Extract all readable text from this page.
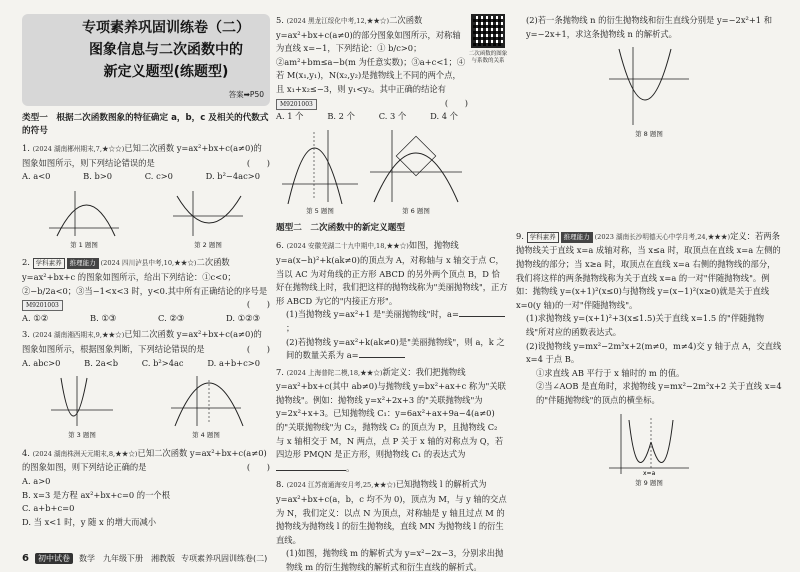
专项素养巩固训练卷（二）
图象信息与二次函数中的
新定义题型(练题型)
答案➡P50
类型一　根据二次函数图象的特征确定 a，b，c 及相关的代数式的符号
1. (2024 湖南郴州期末,7,★☆☆)已知二次函数 y=ax²+bx+c(a≠0)的图象如图所示，则下列结论错误的是	(　　)
A. a<0	B. b>0	C. c>0	D. b²−4ac>0
第 1 题图	第 2 题图
2. 学科素养 推理能力 (2024 四川泸县中考,10,★★☆)二次函数 y=ax²+bx+c 的图象如图所示，给出下列结论：①c<0；②−b/2a<0；③当−1<x<3 时，y<0.其中所有正确结论的序号是
M9201003	(　　)
A. ①②	B. ①③	C. ②③	D. ①②③
3. (2024 湖南湘西期末,9,★★☆)已知二次函数 y=ax²+bx+c(a≠0)的图象如图所示，根据图象判断，下列结论错误的是	(　　)
A. abc>0	B. 2a<b	C. b²>4ac	D. a+b+c>0
第 3 题图	第 4 题图
4. (2024 湖南株洲天元期末,8,★★☆)已知二次函数 y=ax²+bx+c(a≠0)的图象如图，则下列结论正确的是	(　　)
A. a>0
B. x=3 是方程 ax²+bx+c=0 的一个根
C. a+b+c=0
D. 当 x<1 时，y 随 x 的增大而减小
二次函数的图象与系数的关系
5. (2024 黑龙江绥化中考,12,★★☆)二次函数 y=ax²+bx+c(a≠0)的部分图象如图所示，对称轴为直线 x=−1，下列结论：① b/c>0；②am²+bm≤a−b(m 为任意实数)；③a+c<1；④若 M(x₁,y₁)，N(x₂,y₂)是抛物线上不同的两个点，且 x₁+x₂≤−3，则 y₁<y₂。其中正确的结论有 M9201003	(　　)
A. 1 个	B. 2 个	C. 3 个	D. 4 个
第 5 题图	第 6 题图
题型二　二次函数中的新定义题型
6. (2024 安徽芜湖二十九中期中,18,★★☆)如图，抛物线 y=a(x−h)²+k(ak≠0)的顶点为 A，对称轴与 x 轴交于点 C，当以 AC 为对角线的正方形 ABCD 的另外两个顶点 B，D 恰好在抛物线上时，我们把这样的抛物线称为"美丽抛物线"，正方形 ABCD 为它的"内接正方形"。
(1)当抛物线 y=ax²+1 是"美丽抛物线"时，a=；
(2)若抛物线 y=ax²+k(ak≠0)是"美丽抛物线"，则 a，k 之间的数量关系为 a=
7. (2024 上海普陀二模,18,★★☆)新定义：我们把抛物线 y=ax²+bx+c(其中 ab≠0)与抛物线 y=bx²+ax+c 称为"关联抛物线"。例如：抛物线 y=x²+2x+3 的"关联抛物线"为 y=2x²+x+3。已知抛物线 C₁：y=6ax²+ax+9a−4(a≠0)的"关联抛物线"为 C₂，抛物线 C₂ 的顶点为 P，且抛物线 C₂ 与 x 轴相交于 M，N 两点，点 P 关于 x 轴的对称点为 Q，若四边形 PMQN 是正方形，则抛物线 C₁ 的表达式为。
8. (2024 江苏南通海安月考,25,★★☆)已知抛物线 l 的解析式为 y=ax²+bx+c(a，b，c 均不为 0)，顶点为 M，与 y 轴的交点为 N，我们定义：以点 N 为顶点，对称轴是 y 轴且过点 M 的抛物线为抛物线 l 的衍生抛物线，直线 MN 为抛物线 l 的衍生直线。
(1)如图，抛物线 m 的解析式为 y=x²−2x−3，分别求出抛物线 m 的衍生抛物线的解析式和衍生直线的解析式。
(2)若一条抛物线 n 的衍生抛物线和衍生直线分别是 y=−2x²+1 和 y=−2x+1，求这条抛物线 n 的解析式。
第 8 题图
9. 学科素养 推理能力 (2023 湖南长沙明德天心中学月考,24,★★★)定义：若两条抛物线关于直线 x=a 成轴对称，当 x≤a 时，取顶点在直线 x=a 左侧的抛物线的部分；当 x≥a 时，取顶点在直线 x=a 右侧的抛物线的部分，我们将这样的两条抛物线称为关于直线 x=a 的一对"伴随抛物线"。例如：抛物线 y=(x+1)²(x≤0)与抛物线 y=(x−1)²(x≥0)就是关于直线 x=0(y 轴)的一对"伴随抛物线"。
(1)求抛物线 y=(x+1)²+3(x≤1.5)关于直线 x=1.5 的"伴随抛物线"所对应的函数表达式。
(2)设抛物线 y=mx²−2m²x+2(m≠0，m≠4)交 y 轴于点 A，交直线 x=4 于点 B。
①求直线 AB 平行于 x 轴时的 m 的值。
②当∠AOB 是直角时，求抛物线 y=mx²−2m²x+2 关于直线 x=4 的"伴随抛物线"的顶点的横坐标。
x=a
第 9 题图
6	初中试卷	数学　九年级下册　湘教版 专项素养巩固训练卷(二)
